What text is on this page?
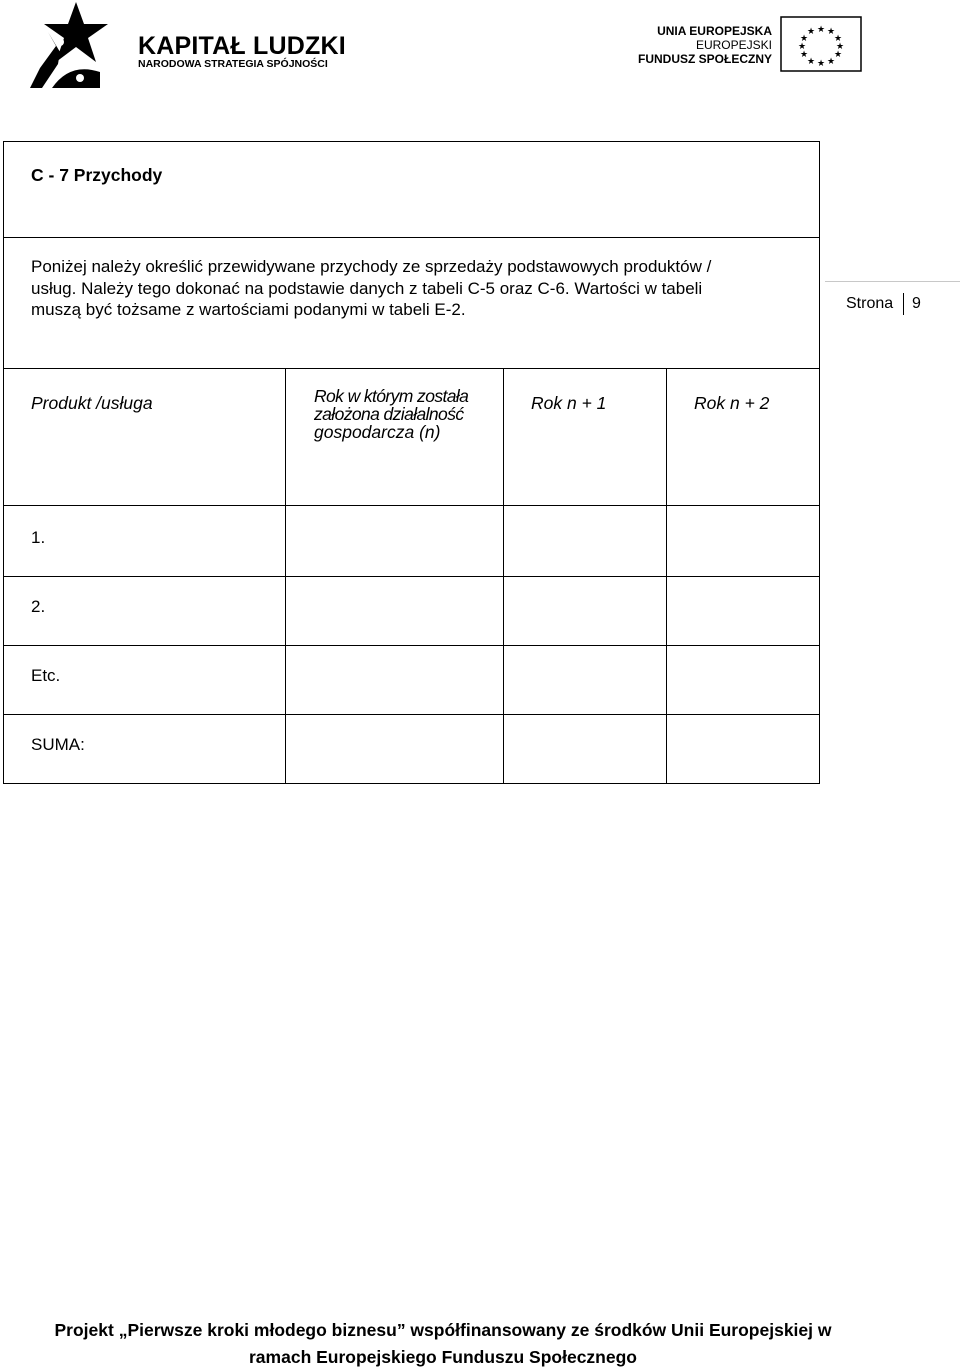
KAPITAŁ LUDZKI
NARODOWA STRATEGIA SPÓJNOŚCI
UNIA EUROPEJSKA
EUROPEJSKI
FUNDUSZ SPOŁECZNY
★ ★
★
★
★
★
★
★
★
★
★
★
C - 7 Przychody			

Poniżej należy określić przewidywane przychody ze sprzedaży podstawowych produktów /
usług. Należy tego dokonać na podstawie danych z tabeli C-5 oraz C-6. Wartości w tabeli
muszą być tożsame z wartościami podanymi w tabeli E-2.			

Produkt /usługa	Rok w którym została
założona działalność
gospodarcza (n)	Rok n + 1	Rok n + 2
1.			
2.			
Etc.			
SUMA:			
Strona 9
Projekt „Pierwsze kroki młodego biznesu” współfinansowany ze środków Unii Europejskiej w
ramach Europejskiego Funduszu Społecznego
